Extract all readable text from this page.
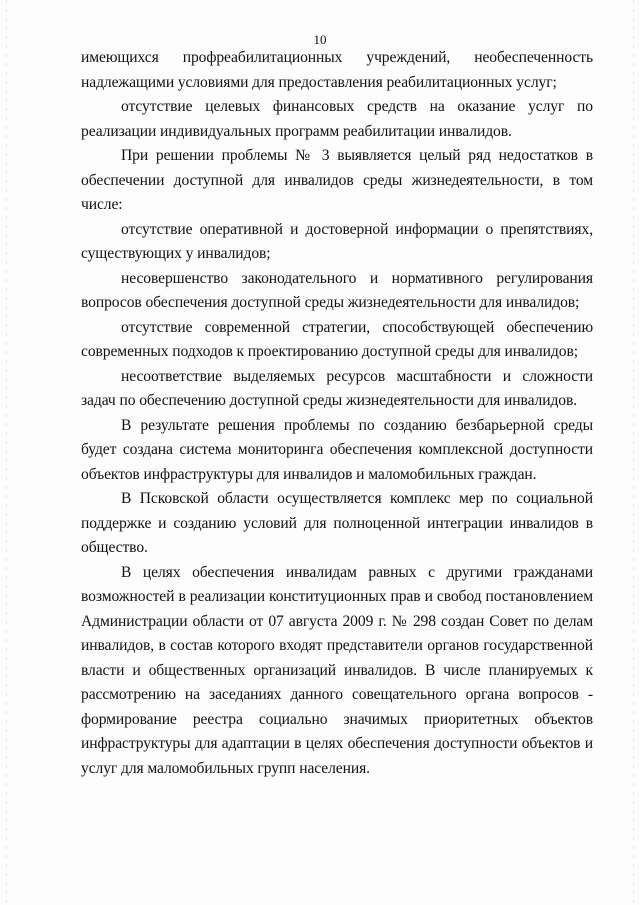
10

имеющихся профреабилитационных учреждений, необеспеченность надлежащими условиями для предоставления реабилитационных услуг;

отсутствие целевых финансовых средств на оказание услуг по реализации индивидуальных программ реабилитации инвалидов.

При решении проблемы № 3 выявляется целый ряд недостатков в обеспечении доступной для инвалидов среды жизнедеятельности, в том числе:

отсутствие оперативной и достоверной информации о препятствиях, существующих у инвалидов;

несовершенство законодательного и нормативного регулирования вопросов обеспечения доступной среды жизнедеятельности для инвалидов;

отсутствие современной стратегии, способствующей обеспечению современных подходов к проектированию доступной среды для инвалидов;

несоответствие выделяемых ресурсов масштабности и сложности задач по обеспечению доступной среды жизнедеятельности для инвалидов.

В результате решения проблемы по созданию безбарьерной среды будет создана система мониторинга обеспечения комплексной доступности объектов инфраструктуры для инвалидов и маломобильных граждан.

В Псковской области осуществляется комплекс мер по социальной поддержке и созданию условий для полноценной интеграции инвалидов в общество.

В целях обеспечения инвалидам равных с другими гражданами возможностей в реализации конституционных прав и свобод постановлением Администрации области от 07 августа 2009 г. № 298 создан Совет по делам инвалидов, в состав которого входят представители органов государственной власти и общественных организаций инвалидов. В числе планируемых к рассмотрению на заседаниях данного совещательного органа вопросов - формирование реестра социально значимых приоритетных объектов инфраструктуры для адаптации в целях обеспечения доступности объектов и услуг для маломобильных групп населения.
